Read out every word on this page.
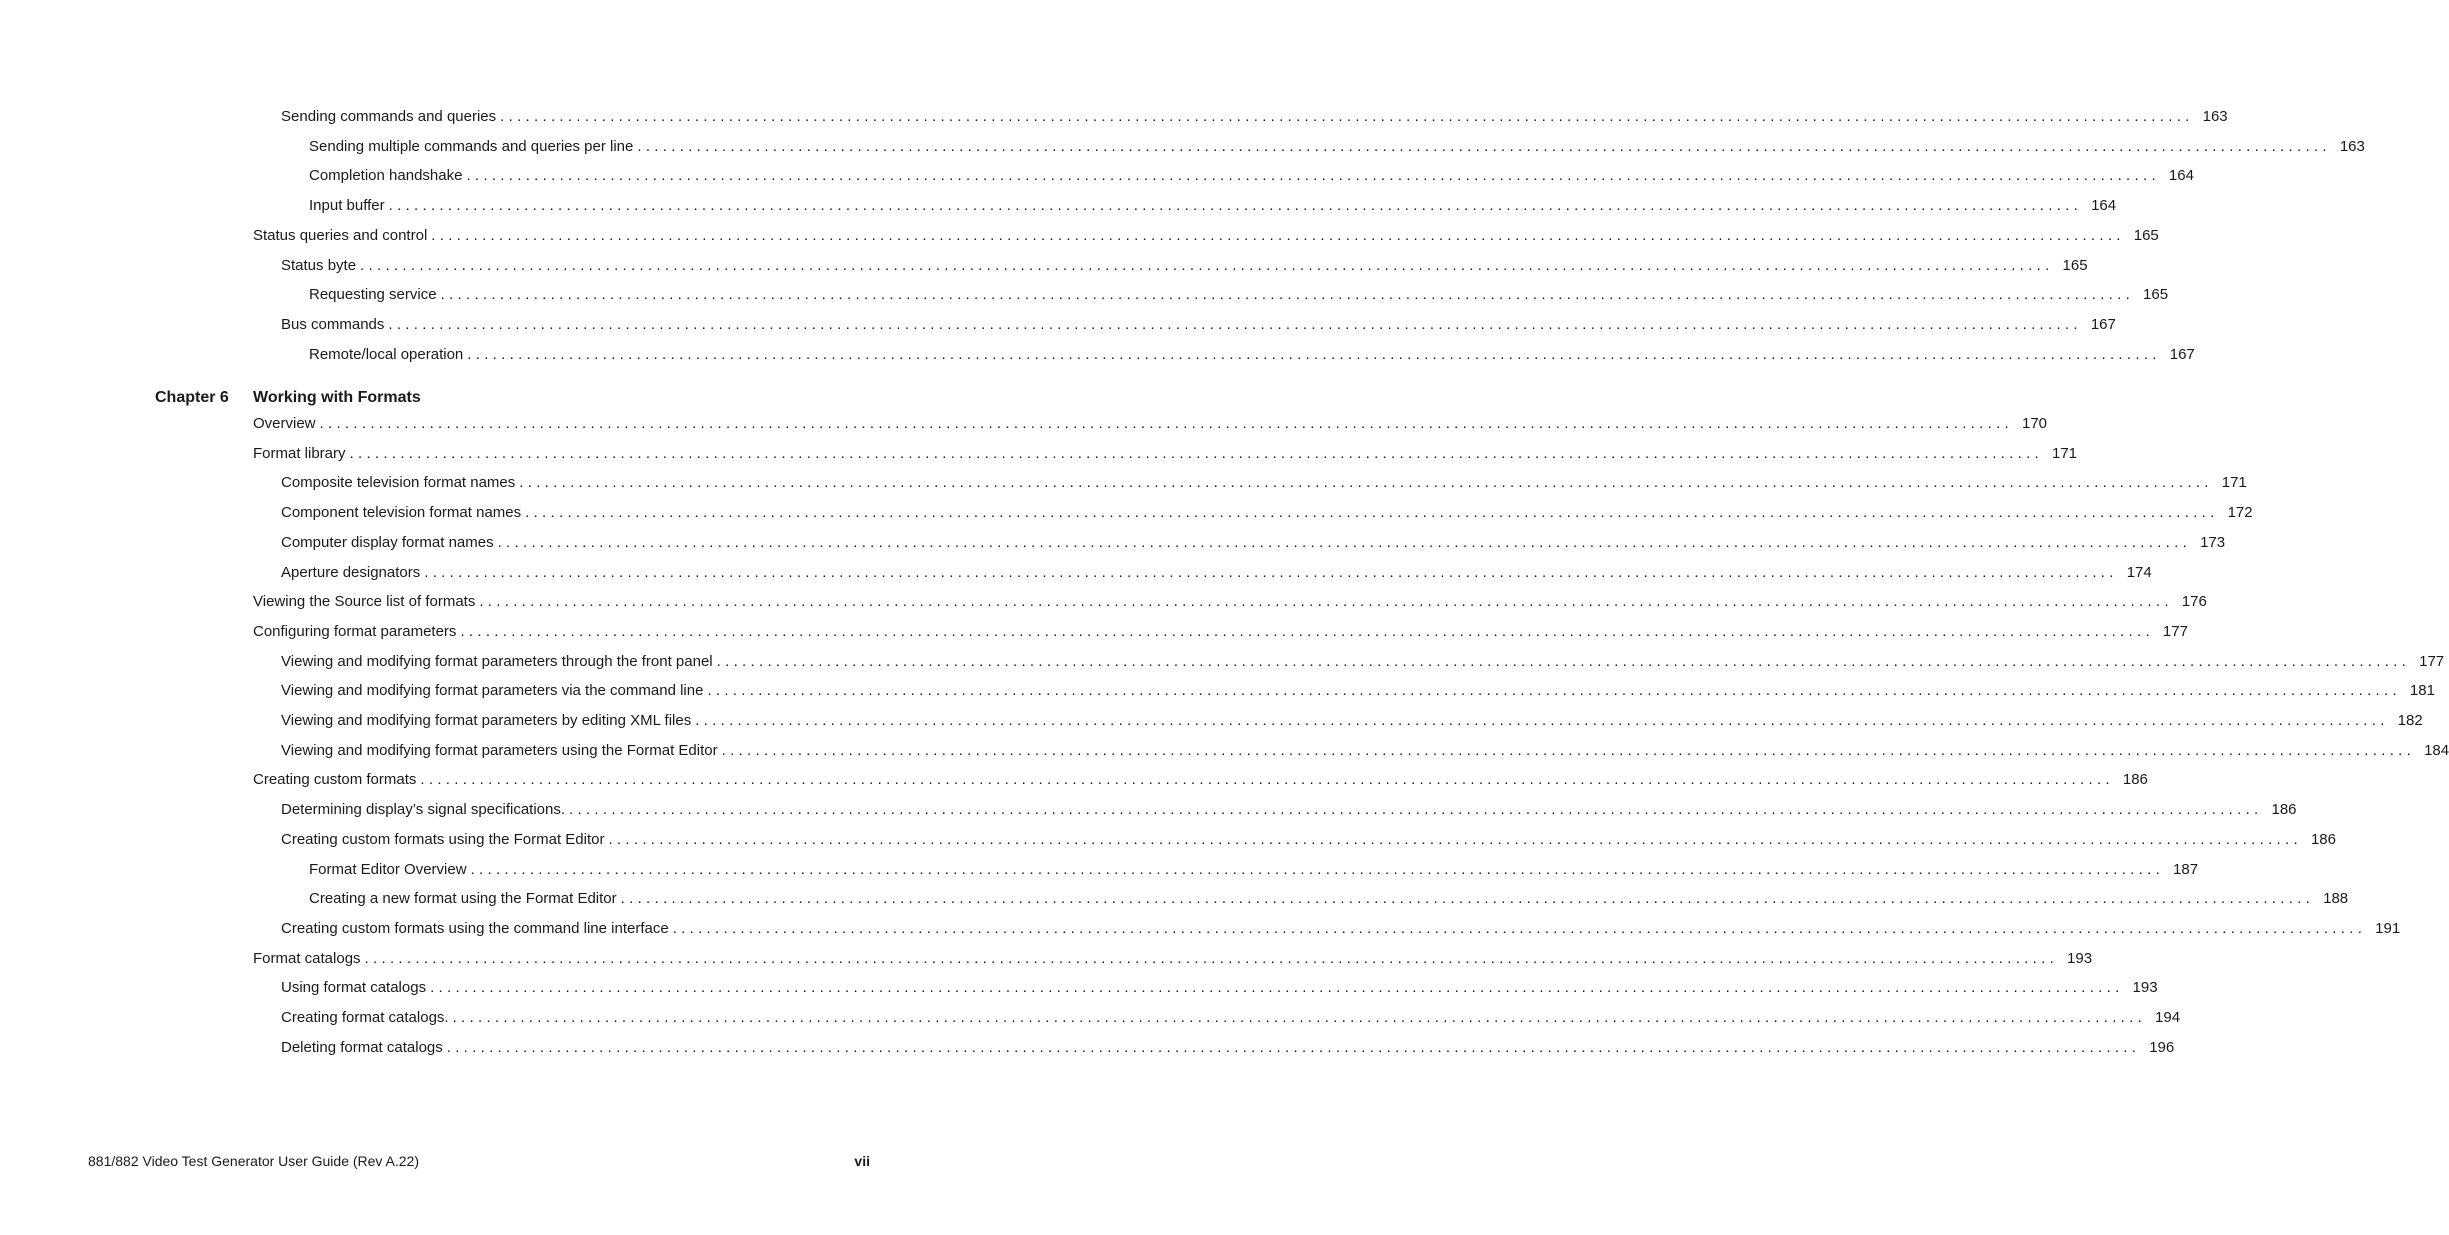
Sending commands and queries ........................................................................................................................................................................................................ 163
Sending multiple commands and queries per line ........................................................................................................................................................................................................ 163
Completion handshake ........................................................................................................................................................................................................ 164
Input buffer ........................................................................................................................................................................................................ 164
Status queries and control ........................................................................................................................................................................................................ 165
Status byte ........................................................................................................................................................................................................ 165
Requesting service ........................................................................................................................................................................................................ 165
Bus commands ........................................................................................................................................................................................................ 167
Remote/local operation ........................................................................................................................................................................................................ 167
Chapter 6 Working with Formats
Overview ........................................................................................................................................................................................................ 170
Format library ........................................................................................................................................................................................................ 171
Composite television format names ........................................................................................................................................................................................................ 171
Component television format names ........................................................................................................................................................................................................ 172
Computer display format names ........................................................................................................................................................................................................ 173
Aperture designators ........................................................................................................................................................................................................ 174
Viewing the Source list of formats ........................................................................................................................................................................................................ 176
Configuring format parameters ........................................................................................................................................................................................................ 177
Viewing and modifying format parameters through the front panel ........................................................................................................................................................................................................ 177
Viewing and modifying format parameters via the command line ........................................................................................................................................................................................................ 181
Viewing and modifying format parameters by editing XML files ........................................................................................................................................................................................................ 182
Viewing and modifying format parameters using the Format Editor ........................................................................................................................................................................................................ 184
Creating custom formats ........................................................................................................................................................................................................ 186
Determining display’s signal specifications. ........................................................................................................................................................................................................ 186
Creating custom formats using the Format Editor ........................................................................................................................................................................................................ 186
Format Editor Overview ........................................................................................................................................................................................................ 187
Creating a new format using the Format Editor ........................................................................................................................................................................................................ 188
Creating custom formats using the command line interface ........................................................................................................................................................................................................ 191
Format catalogs ........................................................................................................................................................................................................ 193
Using format catalogs ........................................................................................................................................................................................................ 193
Creating format catalogs. ........................................................................................................................................................................................................ 194
Deleting format catalogs ........................................................................................................................................................................................................ 196
881/882 Video Test Generator User Guide (Rev A.22)	vii
